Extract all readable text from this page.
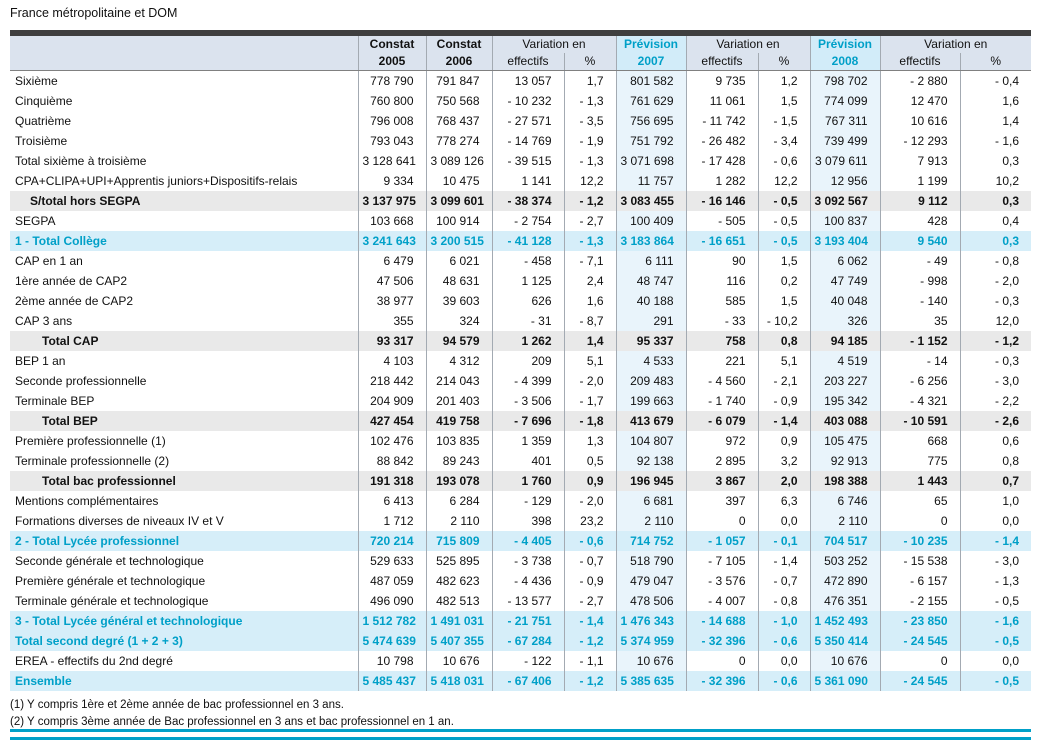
France métropolitaine et DOM
	Constat	Constat	Variation en		Prévision	Variation en		Prévision	Variation en	
	2005	2006	effectifs	%	2007	effectifs	%	2008	effectifs	%
Sixième	778 790	791 847	13 057	1,7	801 582	9 735	1,2	798 702	- 2 880	- 0,4
Cinquième	760 800	750 568	- 10 232	- 1,3	761 629	11 061	1,5	774 099	12 470	1,6
Quatrième	796 008	768 437	- 27 571	- 3,5	756 695	- 11 742	- 1,5	767 311	10 616	1,4
Troisième	793 043	778 274	- 14 769	- 1,9	751 792	- 26 482	- 3,4	739 499	- 12 293	- 1,6
Total sixième à troisième	3 128 641	3 089 126	- 39 515	- 1,3	3 071 698	- 17 428	- 0,6	3 079 611	7 913	0,3
CPA+CLIPA+UPI+Apprentis juniors+Dispositifs-relais	9 334	10 475	1 141	12,2	11 757	1 282	12,2	12 956	1 199	10,2
S/total hors SEGPA	3 137 975	3 099 601	- 38 374	- 1,2	3 083 455	- 16 146	- 0,5	3 092 567	9 112	0,3
SEGPA	103 668	100 914	- 2 754	- 2,7	100 409	- 505	- 0,5	100 837	428	0,4
1 - Total Collège	3 241 643	3 200 515	- 41 128	- 1,3	3 183 864	- 16 651	- 0,5	3 193 404	9 540	0,3
CAP en 1 an	6 479	6 021	- 458	- 7,1	6 111	90	1,5	6 062	- 49	- 0,8
1ère année de CAP2	47 506	48 631	1 125	2,4	48 747	116	0,2	47 749	- 998	- 2,0
2ème année de CAP2	38 977	39 603	626	1,6	40 188	585	1,5	40 048	- 140	- 0,3
CAP 3 ans	355	324	- 31	- 8,7	291	- 33	- 10,2	326	35	12,0
Total CAP	93 317	94 579	1 262	1,4	95 337	758	0,8	94 185	- 1 152	- 1,2
BEP 1 an	4 103	4 312	209	5,1	4 533	221	5,1	4 519	- 14	- 0,3
Seconde professionnelle	218 442	214 043	- 4 399	- 2,0	209 483	- 4 560	- 2,1	203 227	- 6 256	- 3,0
Terminale BEP	204 909	201 403	- 3 506	- 1,7	199 663	- 1 740	- 0,9	195 342	- 4 321	- 2,2
Total BEP	427 454	419 758	- 7 696	- 1,8	413 679	- 6 079	- 1,4	403 088	- 10 591	- 2,6
Première professionnelle (1)	102 476	103 835	1 359	1,3	104 807	972	0,9	105 475	668	0,6
Terminale professionnelle (2)	88 842	89 243	401	0,5	92 138	2 895	3,2	92 913	775	0,8
Total bac professionnel	191 318	193 078	1 760	0,9	196 945	3 867	2,0	198 388	1 443	0,7
Mentions complémentaires	6 413	6 284	- 129	- 2,0	6 681	397	6,3	6 746	65	1,0
Formations diverses de niveaux IV et V	1 712	2 110	398	23,2	2 110	0	0,0	2 110	0	0,0
2 - Total Lycée professionnel	720 214	715 809	- 4 405	- 0,6	714 752	- 1 057	- 0,1	704 517	- 10 235	- 1,4
Seconde générale et technologique	529 633	525 895	- 3 738	- 0,7	518 790	- 7 105	- 1,4	503 252	- 15 538	- 3,0
Première générale et technologique	487 059	482 623	- 4 436	- 0,9	479 047	- 3 576	- 0,7	472 890	- 6 157	- 1,3
Terminale générale et technologique	496 090	482 513	- 13 577	- 2,7	478 506	- 4 007	- 0,8	476 351	- 2 155	- 0,5
3 - Total Lycée général et technologique	1 512 782	1 491 031	- 21 751	- 1,4	1 476 343	- 14 688	- 1,0	1 452 493	- 23 850	- 1,6
Total second degré (1 + 2 + 3)	5 474 639	5 407 355	- 67 284	- 1,2	5 374 959	- 32 396	- 0,6	5 350 414	- 24 545	- 0,5
EREA - effectifs du 2nd degré	10 798	10 676	- 122	- 1,1	10 676	0	0,0	10 676	0	0,0
Ensemble	5 485 437	5 418 031	- 67 406	- 1,2	5 385 635	- 32 396	- 0,6	5 361 090	- 24 545	- 0,5
(1) Y compris 1ère et 2ème année de bac professionnel en 3 ans.
(2) Y compris 3ème année de Bac professionnel en 3 ans et bac professionnel en 1 an.
